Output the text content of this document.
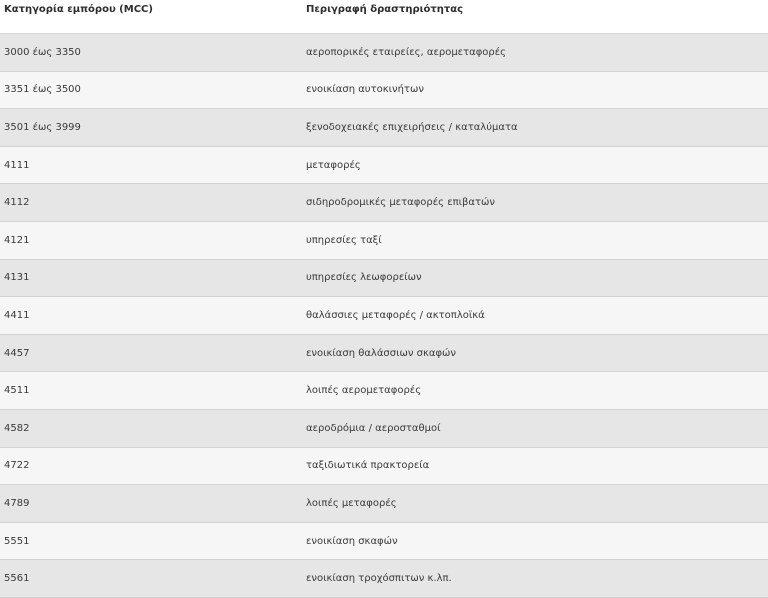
Κατηγορία εμπόρου (MCC)	Περιγραφή δραστηριότητας
3000 έως 3350	αεροπορικές εταιρείες, αερομεταφορές
3351 έως 3500	ενοικίαση αυτοκινήτων
3501 έως 3999	ξενοδοχειακές επιχειρήσεις / καταλύματα
4111	μεταφορές
4112	σιδηροδρομικές μεταφορές επιβατών
4121	υπηρεσίες ταξί
4131	υπηρεσίες λεωφορείων
4411	θαλάσσιες μεταφορές / ακτοπλοϊκά
4457	ενοικίαση θαλάσσιων σκαφών
4511	λοιπές αερομεταφορές
4582	αεροδρόμια / αεροσταθμοί
4722	ταξιδιωτικά πρακτορεία
4789	λοιπές μεταφορές
5551	ενοικίαση σκαφών
5561	ενοικίαση τροχόσπιτων κ.λπ.
